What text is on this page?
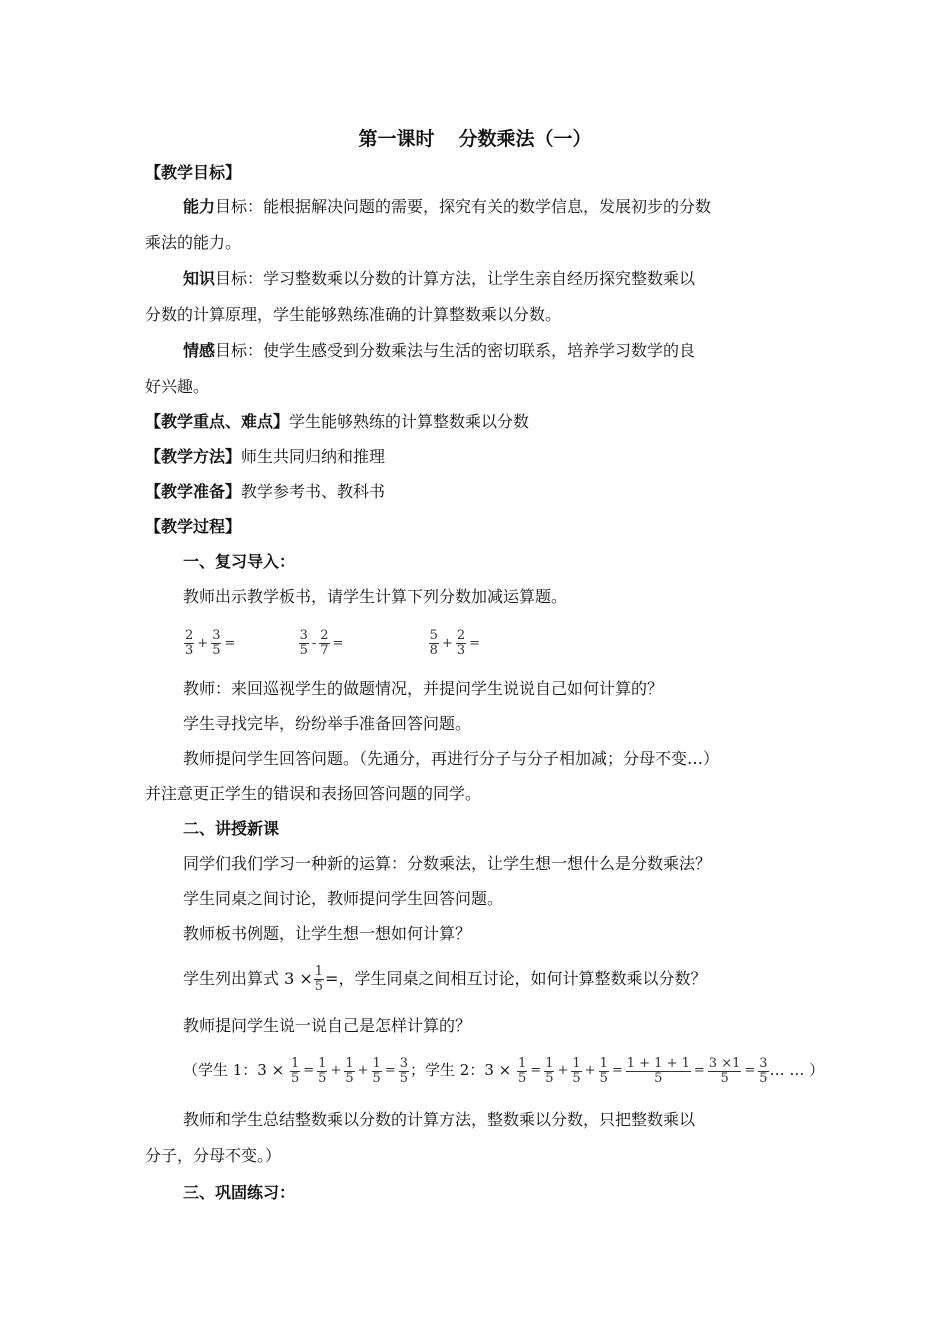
第一课时 分数乘法（一）
【教学目标】
能力目标：能根据解决问题的需要，探究有关的数学信息，发展初步的分数
乘法的能力。
知识目标：学习整数乘以分数的计算方法，让学生亲自经历探究整数乘以
分数的计算原理，学生能够熟练准确的计算整数乘以分数。
情感目标：使学生感受到分数乘法与生活的密切联系，培养学习数学的良
好兴趣。
【教学重点、难点】学生能够熟练的计算整数乘以分数
【教学方法】师生共同归纳和推理
【教学准备】教学参考书、教科书
【教学过程】
一、复习导入：
教师出示教学板书，请学生计算下列分数加减运算题。
$\frac{2}{3} + \frac{3}{5}$ =	$\frac{3}{5} - \frac{2}{7}$ =	$\frac{5}{8} + \frac{2}{3}$ =
教师：来回巡视学生的做题情况，并提问学生说说自己如何计算的？
学生寻找完毕，纷纷举手准备回答问题。
教师提问学生回答问题。（先通分，再进行分子与分子相加减；分母不变…）
并注意更正学生的错误和表扬回答问题的同学。
二、讲授新课
同学们我们学习一种新的运算：分数乘法，让学生想一想什么是分数乘法？
学生同桌之间讨论，教师提问学生回答问题。
教师板书例题，让学生想一想如何计算？
学生列出算式 $3 \times \frac{1}{5}$ =，学生同桌之间相互讨论，如何计算整数乘以分数？
教师提问学生说一说自己是怎样计算的？
（学生 1：$3 \times \frac{1}{5} = \frac{1}{5} + \frac{1}{5} + \frac{1}{5} = \frac{3}{5}$ ；学生 2：$3 \times \frac{1}{5} = \frac{1}{5} + \frac{1}{5} + \frac{1}{5} = \frac{1 + 1 + 1}{5} = \frac{3 \times 1}{5} = \frac{3}{5}$ … … ）
教师和学生总结整数乘以分数的计算方法，整数乘以分数，只把整数乘以
分子，分母不变。）
三、巩固练习：
